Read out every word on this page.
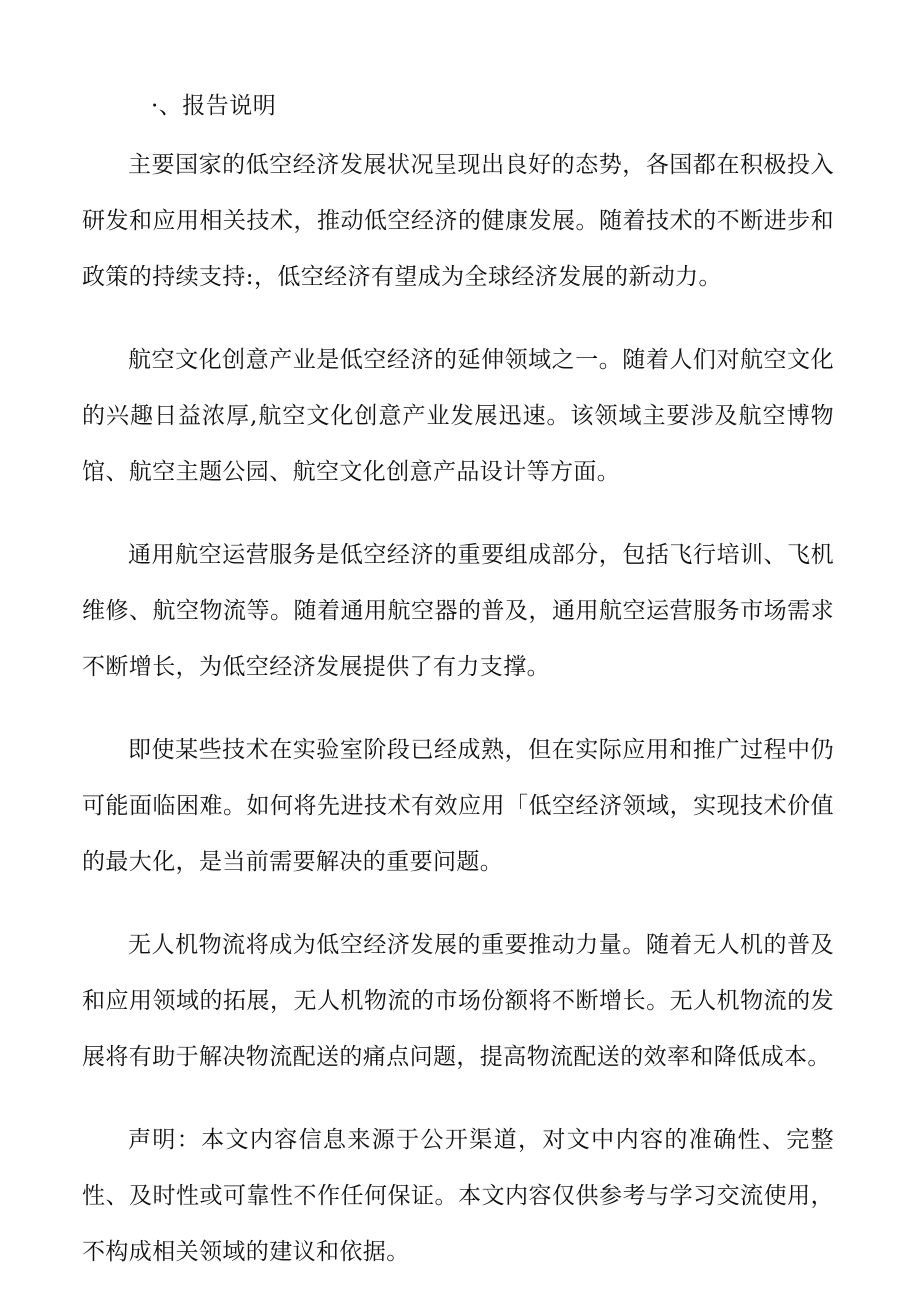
·、报告说明

主要国家的低空经济发展状况呈现出良好的态势，各国都在积极投入研发和应用相关技术，推动低空经济的健康发展。随着技术的不断进步和政策的持续支持:，低空经济有望成为全球经济发展的新动力。

航空文化创意产业是低空经济的延伸领域之一。随着人们对航空文化的兴趣日益浓厚,航空文化创意产业发展迅速。该领域主要涉及航空博物馆、航空主题公园、航空文化创意产品设计等方面。

通用航空运营服务是低空经济的重要组成部分，包括飞行培训、飞机维修、航空物流等。随着通用航空器的普及，通用航空运营服务市场需求不断增长，为低空经济发展提供了有力支撑。

即使某些技术在实验室阶段已经成熟，但在实际应用和推广过程中仍可能面临困难。如何将先进技术有效应用「低空经济领域，实现技术价值的最大化，是当前需要解决的重要问题。

无人机物流将成为低空经济发展的重要推动力量。随着无人机的普及和应用领域的拓展，无人机物流的市场份额将不断增长。无人机物流的发展将有助于解决物流配送的痛点问题，提高物流配送的效率和降低成本。

声明：本文内容信息来源于公开渠道，对文中内容的准确性、完整性、及时性或可靠性不作任何保证。本文内容仅供参考与学习交流使用，不构成相关领域的建议和依据。
